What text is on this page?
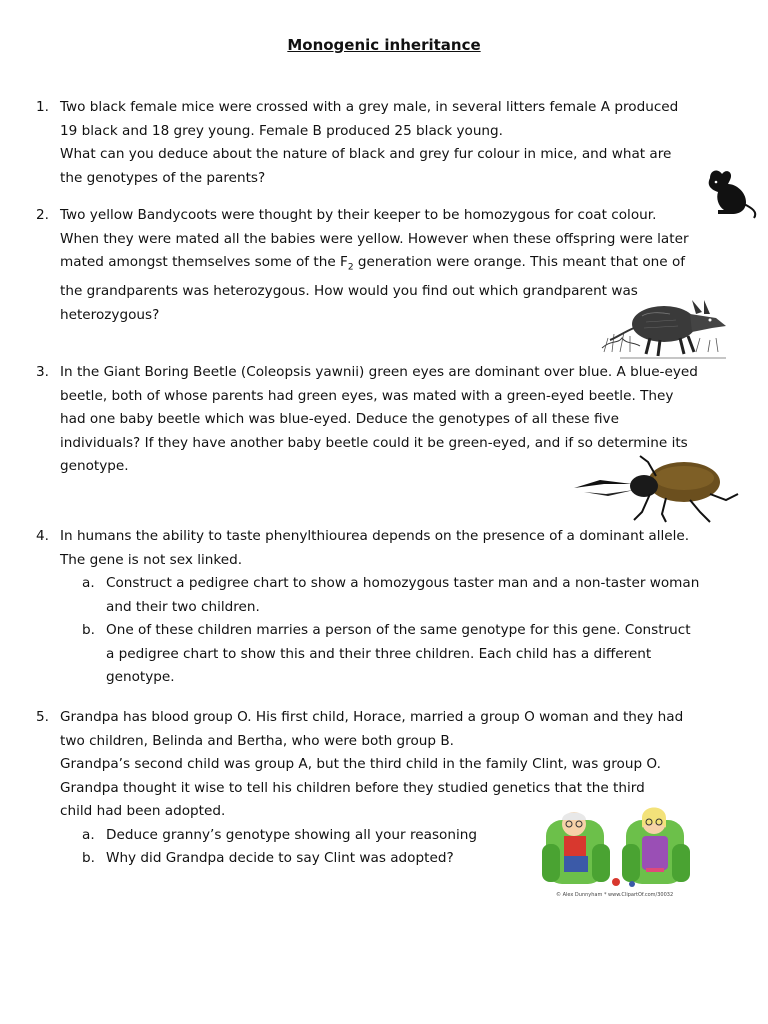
Monogenic inheritance
1. Two black female mice were crossed with a grey male, in several litters female A produced

19 black and 18 grey young. Female B produced 25 black young.

What can you deduce about the nature of black and grey fur colour in mice, and what are

the genotypes of the parents?

2. Two yellow Bandycoots were thought by their keeper to be homozygous for coat colour.

When they were mated all the babies were yellow. However when these offspring were later

mated amongst themselves some of the $F_2$ generation were orange. This meant that one of

the grandparents was heterozygous. How would you find out which grandparent was

heterozygous?

3. In the Giant Boring Beetle (Coleopsis yawnii) green eyes are dominant over blue. A blue-eyed

beetle, both of whose parents had green eyes, was mated with a green-eyed beetle. They

had one baby beetle which was blue-eyed. Deduce the genotypes of all these five

individuals? If they have another baby beetle could it be green-eyed, and if so determine its

genotype.

4. In humans the ability to taste phenylthiourea depends on the presence of a dominant allele.

The gene is not sex linked.

a. Construct a pedigree chart to show a homozygous taster man and a non-taster woman

and their two children.

b. One of these children marries a person of the same genotype for this gene. Construct

a pedigree chart to show this and their three children. Each child has a different

genotype.

5. Grandpa has blood group O. His first child, Horace, married a group O woman and they had

two children, Belinda and Bertha, who were both group B.

Grandpa’s second child was group A, but the third child in the family Clint, was group O.

Grandpa thought it wise to tell his children before they studied genetics that the third

child had been adopted.

a. Deduce granny’s genotype showing all your reasoning

b. Why did Grandpa decide to say Clint was adopted?

© Alex Dunnyham * www.ClipartOf.com/30032
